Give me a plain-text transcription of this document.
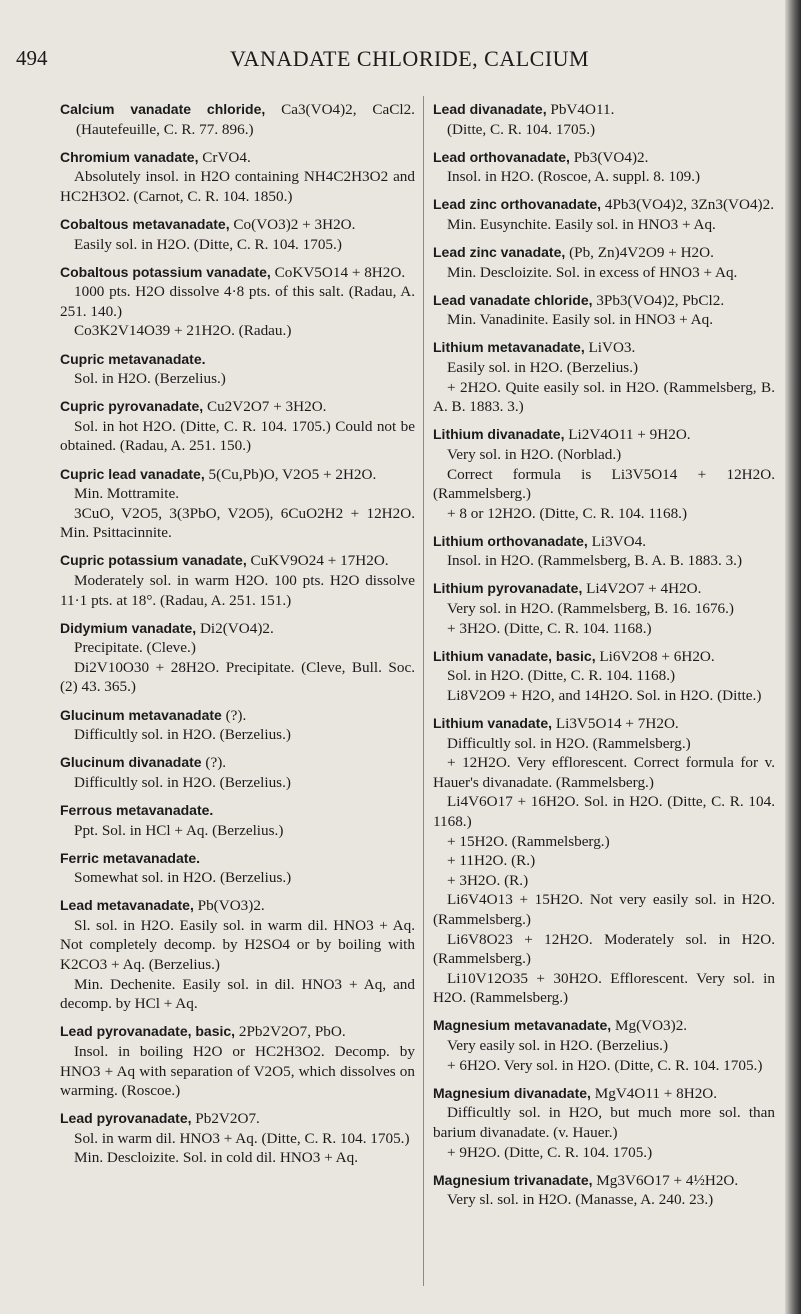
494	VANADATE CHLORIDE, CALCIUM
Calcium vanadate chloride, Ca3(VO4)2, CaCl2. (Hautefeuille, C. R. 77. 896.)
Chromium vanadate, CrVO4.
Absolutely insol. in H2O containing NH4C2H3O2 and HC2H3O2. (Carnot, C. R. 104. 1850.)
Cobaltous metavanadate, Co(VO3)2 + 3H2O.
Easily sol. in H2O. (Ditte, C. R. 104. 1705.)
Cobaltous potassium vanadate, CoKV5O14 + 8H2O.
1000 pts. H2O dissolve 4·8 pts. of this salt. (Radau, A. 251. 140.)
Co3K2V14O39 + 21H2O. (Radau.)
Cupric metavanadate.
Sol. in H2O. (Berzelius.)
Cupric pyrovanadate, Cu2V2O7 + 3H2O.
Sol. in hot H2O. (Ditte, C. R. 104. 1705.) Could not be obtained. (Radau, A. 251. 150.)
Cupric lead vanadate, 5(Cu,Pb)O, V2O5 + 2H2O.
Min. Mottramite.
3CuO, V2O5, 3(3PbO, V2O5), 6CuO2H2 + 12H2O. Min. Psittacinnite.
Cupric potassium vanadate, CuKV9O24 + 17H2O.
Moderately sol. in warm H2O. 100 pts. H2O dissolve 11·1 pts. at 18°. (Radau, A. 251. 151.)
Didymium vanadate, Di2(VO4)2.
Precipitate. (Cleve.)
Di2V10O30 + 28H2O. Precipitate. (Cleve, Bull. Soc. (2) 43. 365.)
Glucinum metavanadate (?).
Difficultly sol. in H2O. (Berzelius.)
Glucinum divanadate (?).
Difficultly sol. in H2O. (Berzelius.)
Ferrous metavanadate.
Ppt. Sol. in HCl + Aq. (Berzelius.)
Ferric metavanadate.
Somewhat sol. in H2O. (Berzelius.)
Lead metavanadate, Pb(VO3)2.
Sl. sol. in H2O. Easily sol. in warm dil. HNO3 + Aq. Not completely decomp. by H2SO4 or by boiling with K2CO3 + Aq. (Berzelius.)
Min. Dechenite. Easily sol. in dil. HNO3 + Aq, and decomp. by HCl + Aq.
Lead pyrovanadate, basic, 2Pb2V2O7, PbO.
Insol. in boiling H2O or HC2H3O2. Decomp. by HNO3 + Aq with separation of V2O5, which dissolves on warming. (Roscoe.)
Lead pyrovanadate, Pb2V2O7.
Sol. in warm dil. HNO3 + Aq. (Ditte, C. R. 104. 1705.)
Min. Descloizite. Sol. in cold dil. HNO3 + Aq.
Lead divanadate, PbV4O11.
(Ditte, C. R. 104. 1705.)
Lead orthovanadate, Pb3(VO4)2.
Insol. in H2O. (Roscoe, A. suppl. 8. 109.)
Lead zinc orthovanadate, 4Pb3(VO4)2, 3Zn3(VO4)2.
Min. Eusynchite. Easily sol. in HNO3 + Aq.
Lead zinc vanadate, (Pb, Zn)4V2O9 + H2O.
Min. Descloizite. Sol. in excess of HNO3 + Aq.
Lead vanadate chloride, 3Pb3(VO4)2, PbCl2.
Min. Vanadinite. Easily sol. in HNO3 + Aq.
Lithium metavanadate, LiVO3.
Easily sol. in H2O. (Berzelius.)
+ 2H2O. Quite easily sol. in H2O. (Rammelsberg, B. A. B. 1883. 3.)
Lithium divanadate, Li2V4O11 + 9H2O.
Very sol. in H2O. (Norblad.)
Correct formula is Li3V5O14 + 12H2O. (Rammelsberg.)
+ 8 or 12H2O. (Ditte, C. R. 104. 1168.)
Lithium orthovanadate, Li3VO4.
Insol. in H2O. (Rammelsberg, B. A. B. 1883. 3.)
Lithium pyrovanadate, Li4V2O7 + 4H2O.
Very sol. in H2O. (Rammelsberg, B. 16. 1676.)
+ 3H2O. (Ditte, C. R. 104. 1168.)
Lithium vanadate, basic, Li6V2O8 + 6H2O.
Sol. in H2O. (Ditte, C. R. 104. 1168.)
Li8V2O9 + H2O, and 14H2O. Sol. in H2O. (Ditte.)
Lithium vanadate, Li3V5O14 + 7H2O.
Difficultly sol. in H2O. (Rammelsberg.)
+ 12H2O. Very efflorescent. Correct formula for v. Hauer's divanadate. (Rammelsberg.)
Li4V6O17 + 16H2O. Sol. in H2O. (Ditte, C. R. 104. 1168.)
+ 15H2O. (Rammelsberg.)
+ 11H2O. (R.)
+ 3H2O. (R.)
Li6V4O13 + 15H2O. Not very easily sol. in H2O. (Rammelsberg.)
Li6V8O23 + 12H2O. Moderately sol. in H2O. (Rammelsberg.)
Li10V12O35 + 30H2O. Efflorescent. Very sol. in H2O. (Rammelsberg.)
Magnesium metavanadate, Mg(VO3)2.
Very easily sol. in H2O. (Berzelius.)
+ 6H2O. Very sol. in H2O. (Ditte, C. R. 104. 1705.)
Magnesium divanadate, MgV4O11 + 8H2O.
Difficultly sol. in H2O, but much more sol. than barium divanadate. (v. Hauer.)
+ 9H2O. (Ditte, C. R. 104. 1705.)
Magnesium trivanadate, Mg3V6O17 + 4½H2O.
Very sl. sol. in H2O. (Manasse, A. 240. 23.)
